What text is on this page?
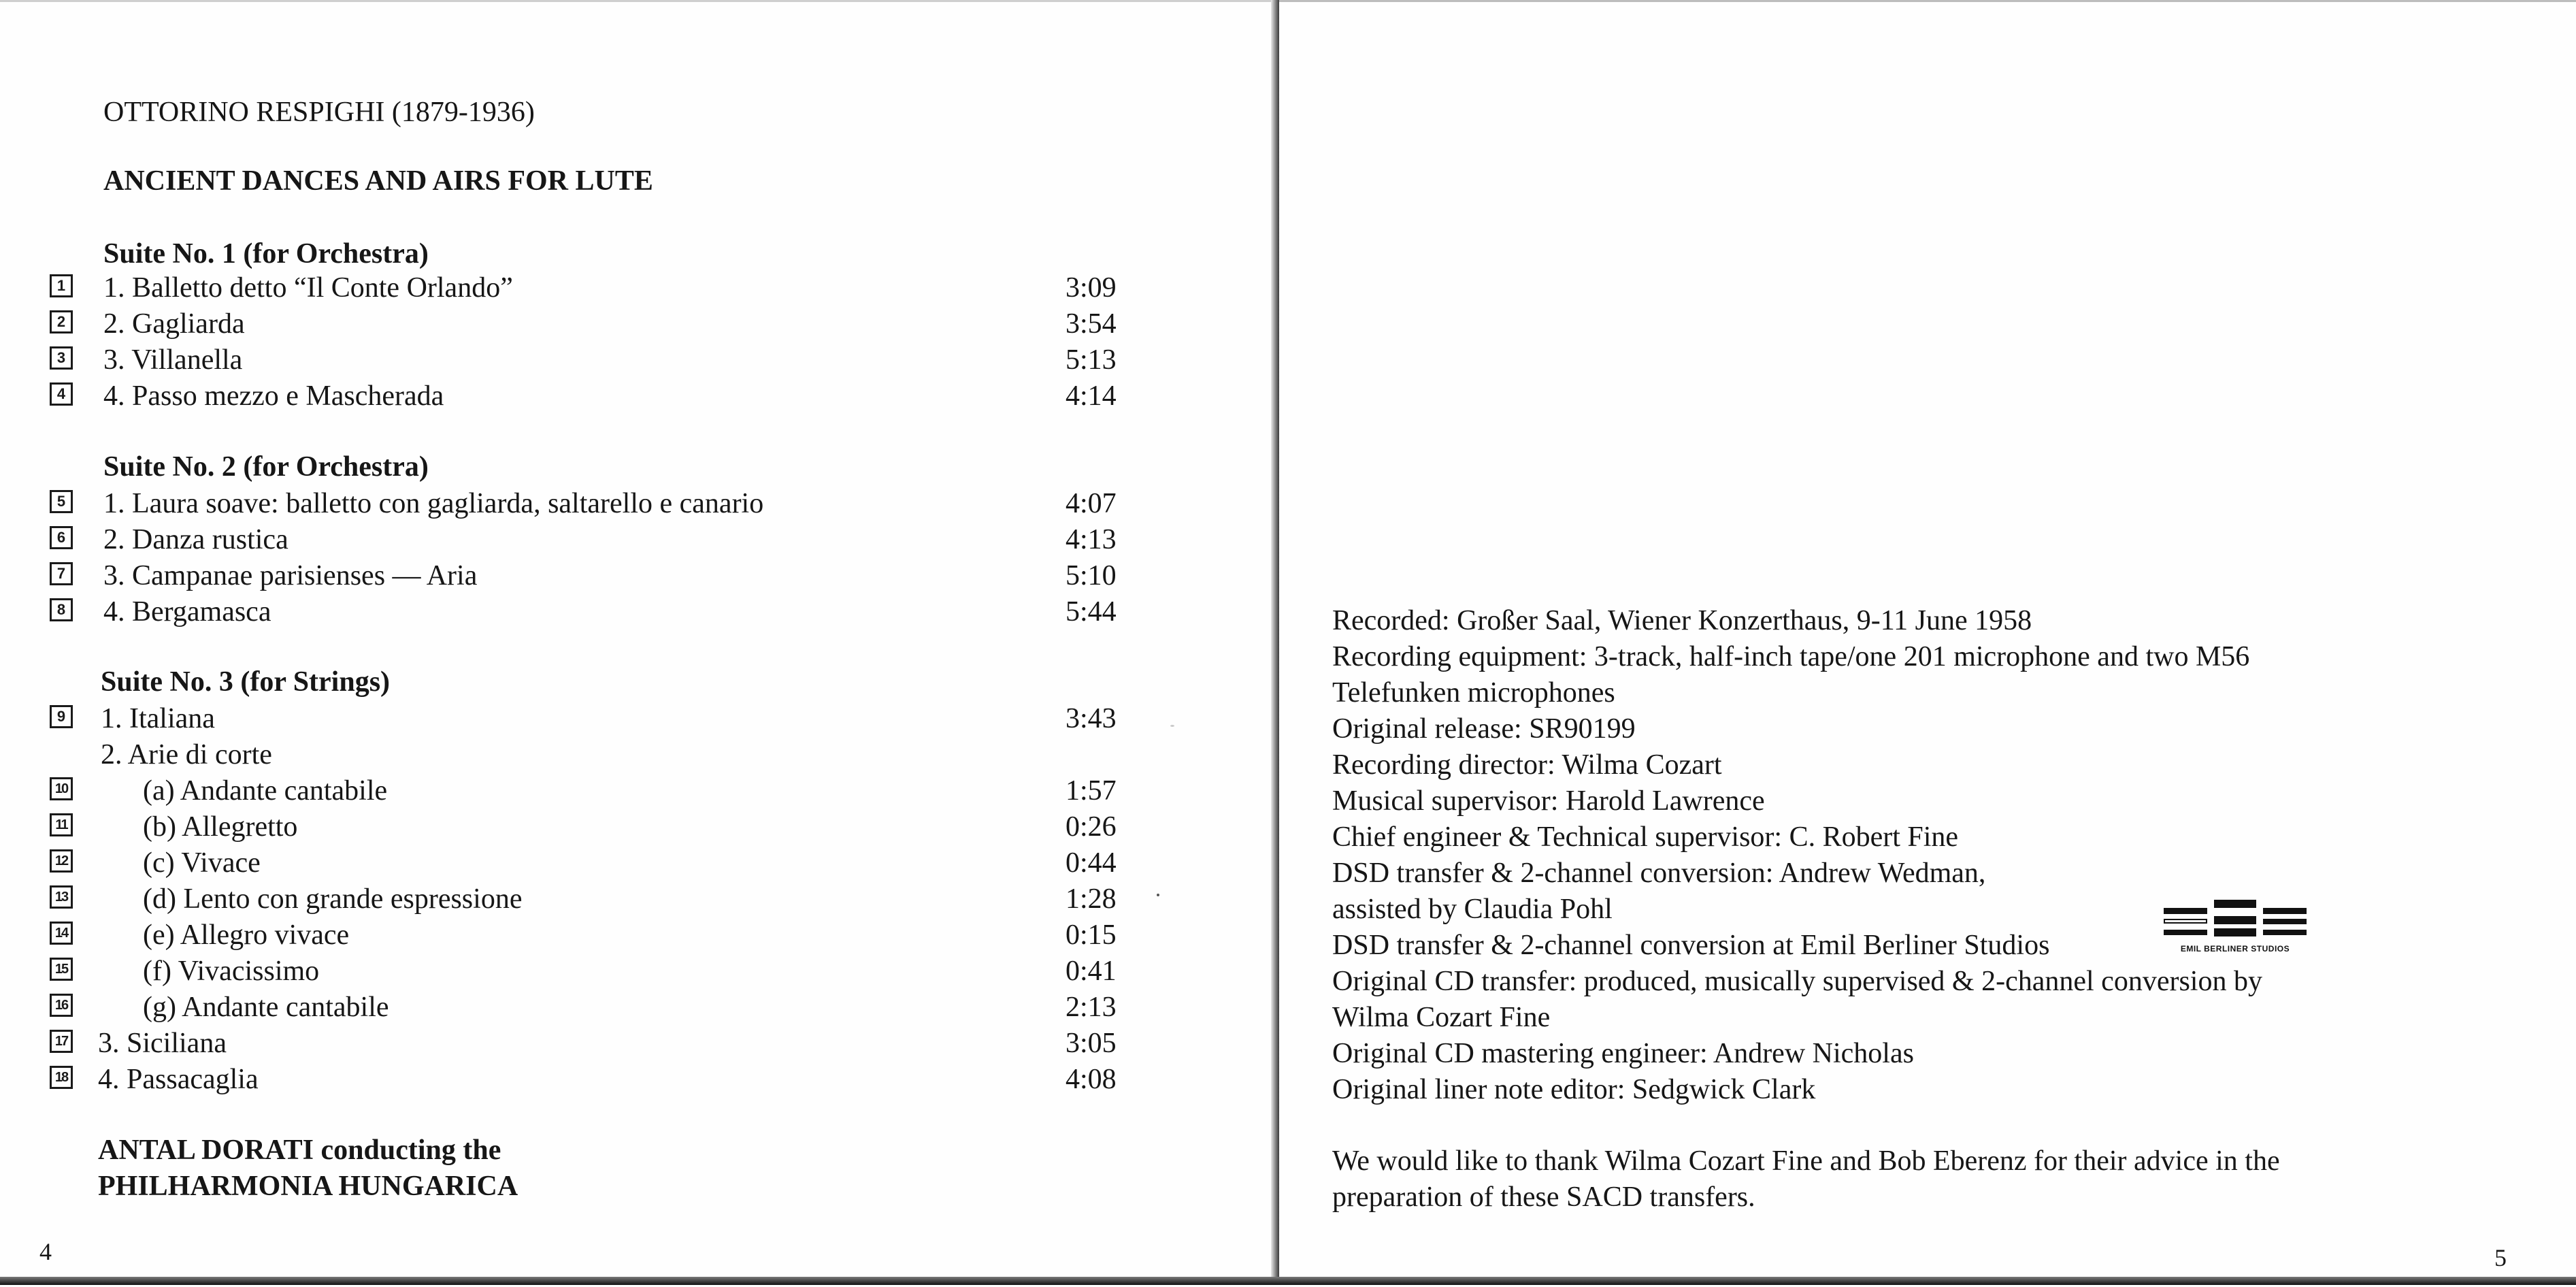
OTTORINO RESPIGHI (1879-1936)
ANCIENT DANCES AND AIRS FOR LUTE
Suite No. 1 (for Orchestra)
1 1. Balletto detto “Il Conte Orlando”	3:09
2 2. Gagliarda	3:54
3 3. Villanella	5:13
4 4. Passo mezzo e Mascherada	4:14
Suite No. 2 (for Orchestra)
5 1. Laura soave: balletto con gagliarda, saltarello e canario	4:07
6 2. Danza rustica	4:13
7 3. Campanae parisienses — Aria	5:10
8 4. Bergamasca	5:44
Suite No. 3 (for Strings)
9 1. Italiana	3:43
2. Arie di corte
10	(a) Andante cantabile	1:57
11	(b) Allegretto	0:26
12	(c) Vivace	0:44
13	(d) Lento con grande espressione	1:28
14	(e) Allegro vivace	0:15
15	(f) Vivacissimo	0:41
16	(g) Andante cantabile	2:13
17 3. Siciliana	3:05
18 4. Passacaglia	4:08
ANTAL DORATI conducting the
PHILHARMONIA HUNGARICA
4
Recorded: Großer Saal, Wiener Konzerthaus, 9-11 June 1958
Recording equipment: 3-track, half-inch tape/one 201 microphone and two M56
Telefunken microphones
Original release: SR90199
Recording director: Wilma Cozart
Musical supervisor: Harold Lawrence
Chief engineer & Technical supervisor: C. Robert Fine
DSD transfer & 2-channel conversion: Andrew Wedman,
assisted by Claudia Pohl
DSD transfer & 2-channel conversion at Emil Berliner Studios
Original CD transfer: produced, musically supervised & 2-channel conversion by
Wilma Cozart Fine
Original CD mastering engineer: Andrew Nicholas
Original liner note editor: Sedgwick Clark
EMIL BERLINER STUDIOS
We would like to thank Wilma Cozart Fine and Bob Eberenz for their advice in the
preparation of these SACD transfers.
5
